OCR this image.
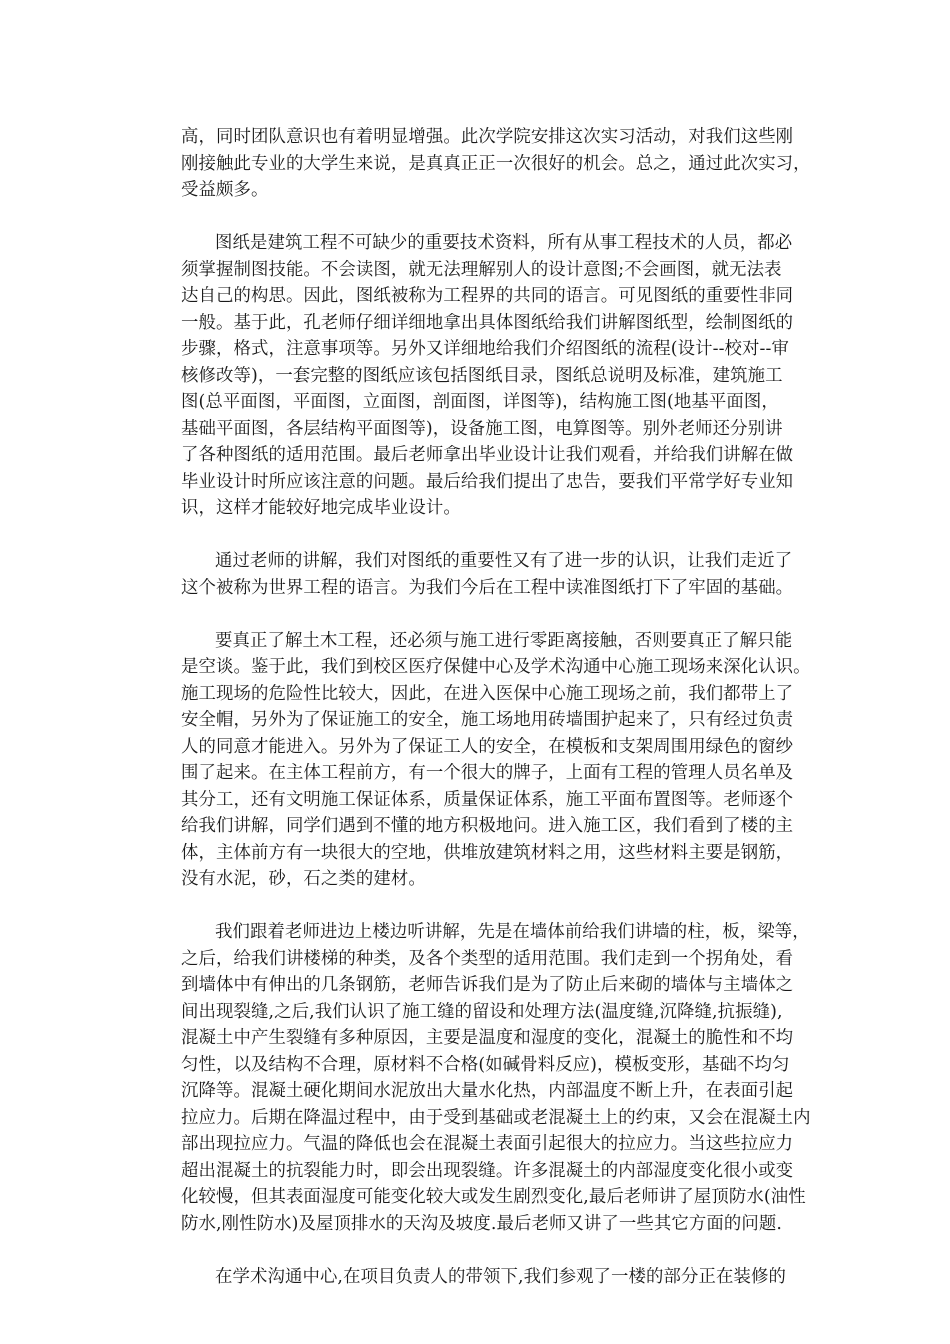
高，同时团队意识也有着明显增强。此次学院安排这次实习活动，对我们这些刚
刚接触此专业的大学生来说，是真真正正一次很好的机会。总之，通过此次实习，
受益颇多。
图纸是建筑工程不可缺少的重要技术资料，所有从事工程技术的人员，都必
须掌握制图技能。不会读图，就无法理解别人的设计意图;不会画图，就无法表
达自己的构思。因此，图纸被称为工程界的共同的语言。可见图纸的重要性非同
一般。基于此，孔老师仔细详细地拿出具体图纸给我们讲解图纸型，绘制图纸的
步骤，格式，注意事项等。另外又详细地给我们介绍图纸的流程(设计--校对--审
核修改等)，一套完整的图纸应该包括图纸目录，图纸总说明及标准，建筑施工
图(总平面图，平面图，立面图，剖面图，详图等)，结构施工图(地基平面图，
基础平面图，各层结构平面图等)，设备施工图，电算图等。别外老师还分别讲
了各种图纸的适用范围。最后老师拿出毕业设计让我们观看，并给我们讲解在做
毕业设计时所应该注意的问题。最后给我们提出了忠告，要我们平常学好专业知
识，这样才能较好地完成毕业设计。
通过老师的讲解，我们对图纸的重要性又有了进一步的认识，让我们走近了
这个被称为世界工程的语言。为我们今后在工程中读准图纸打下了牢固的基础。
要真正了解土木工程，还必须与施工进行零距离接触，否则要真正了解只能
是空谈。鉴于此，我们到校区医疗保健中心及学术沟通中心施工现场来深化认识。
施工现场的危险性比较大，因此，在进入医保中心施工现场之前，我们都带上了
安全帽，另外为了保证施工的安全，施工场地用砖墙围护起来了，只有经过负责
人的同意才能进入。另外为了保证工人的安全，在模板和支架周围用绿色的窗纱
围了起来。在主体工程前方，有一个很大的牌子，上面有工程的管理人员名单及
其分工，还有文明施工保证体系，质量保证体系，施工平面布置图等。老师逐个
给我们讲解，同学们遇到不懂的地方积极地问。进入施工区，我们看到了楼的主
体，主体前方有一块很大的空地，供堆放建筑材料之用，这些材料主要是钢筋，
没有水泥，砂，石之类的建材。
我们跟着老师进边上楼边听讲解，先是在墙体前给我们讲墙的柱，板，梁等，
之后，给我们讲楼梯的种类，及各个类型的适用范围。我们走到一个拐角处，看
到墙体中有伸出的几条钢筋，老师告诉我们是为了防止后来砌的墙体与主墙体之
间出现裂缝,之后,我们认识了施工缝的留设和处理方法(温度缝,沉降缝,抗振缝),
混凝土中产生裂缝有多种原因，主要是温度和湿度的变化，混凝土的脆性和不均
匀性，以及结构不合理，原材料不合格(如碱骨料反应)，模板变形，基础不均匀
沉降等。混凝土硬化期间水泥放出大量水化热，内部温度不断上升，在表面引起
拉应力。后期在降温过程中，由于受到基础或老混凝土上的约束，又会在混凝土内
部出现拉应力。气温的降低也会在混凝土表面引起很大的拉应力。当这些拉应力
超出混凝土的抗裂能力时，即会出现裂缝。许多混凝土的内部湿度变化很小或变
化较慢，但其表面湿度可能变化较大或发生剧烈变化,最后老师讲了屋顶防水(油性
防水,刚性防水)及屋顶排水的天沟及坡度.最后老师又讲了一些其它方面的问题.
在学术沟通中心,在项目负责人的带领下,我们参观了一楼的部分正在装修的
